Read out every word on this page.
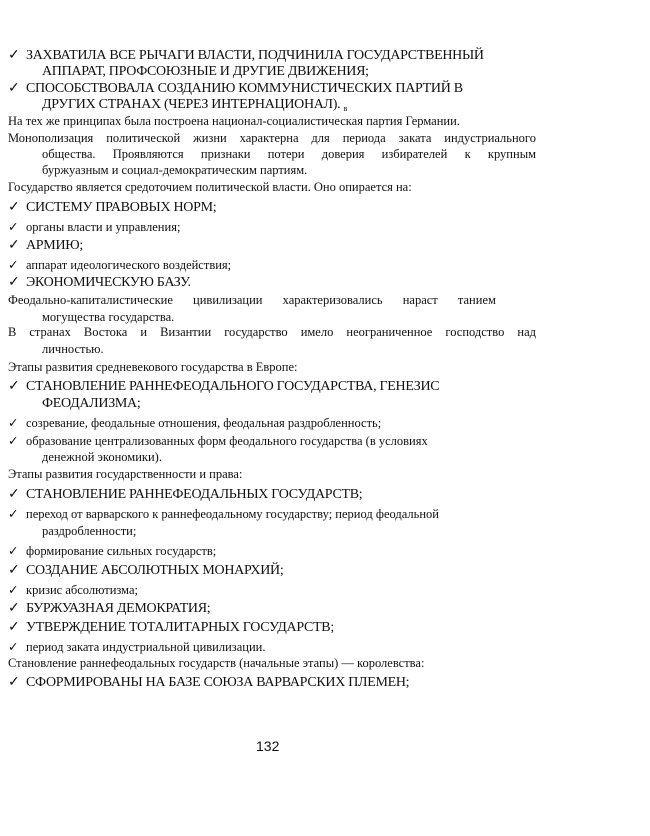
✓ ЗАХВАТИЛА ВСЕ РЫЧАГИ ВЛАСТИ, ПОДЧИНИЛА ГОСУДАРСТВЕННЫЙ
АППАРАТ, ПРОФСОЮЗНЫЕ И ДРУГИЕ ДВИЖЕНИЯ;
✓ СПОСОБСТВОВАЛА СОЗДАНИЮ КОММУНИСТИЧЕСКИХ ПАРТИЙ В
ДРУГИХ СТРАНАХ (ЧЕРЕЗ ИНТЕРНАЦИОНАЛ). $_в$
На тех же принципах была построена национал-социалистическая партия Германии.
Монополизация политической жизни характерна для периода заката индустриального
общества. Проявляются признаки потери доверия избирателей к крупным
буржуазным и социал-демократическим партиям.
Государство является средоточием политической власти. Оно опирается на:
✓ СИСТЕМУ ПРАВОВЫХ НОРМ;
✓ органы власти и управления;
✓ АРМИЮ;
✓ аппарат идеологического воздействия;
✓ ЭКОНОМИЧЕСКУЮ БАЗУ.
Феодально-капиталистические цивилизации характеризовались нараст танием
могущества государства.
В странах Востока и Византии государство имело неограниченное господство над
личностью.
Этапы развития средневекового государства в Европе:
✓ СТАНОВЛЕНИЕ РАННЕФЕОДАЛЬНОГО ГОСУДАРСТВА, ГЕНЕЗИС
ФЕОДАЛИЗМА;
✓ созревание, феодальные отношения, феодальная раздробленность;
✓ образование централизованных форм феодального государства (в условиях
денежной экономики).
Этапы развития государственности и права:
✓ СТАНОВЛЕНИЕ РАННЕФЕОДАЛЬНЫХ ГОСУДАРСТВ;
✓ переход от варварского к раннефеодальному государству; период феодальной
раздробленности;
✓ формирование сильных государств;
✓ СОЗДАНИЕ АБСОЛЮТНЫХ МОНАРХИЙ;
✓ кризис абсолютизма;
✓ БУРЖУАЗНАЯ ДЕМОКРАТИЯ;
✓ УТВЕРЖДЕНИЕ ТОТАЛИТАРНЫХ ГОСУДАРСТВ;
✓ период заката индустриальной цивилизации.
Становление раннефеодальных государств (начальные этапы) — королевства:
✓ СФОРМИРОВАНЫ НА БАЗЕ СОЮЗА ВАРВАРСКИХ ПЛЕМЕН;
132
